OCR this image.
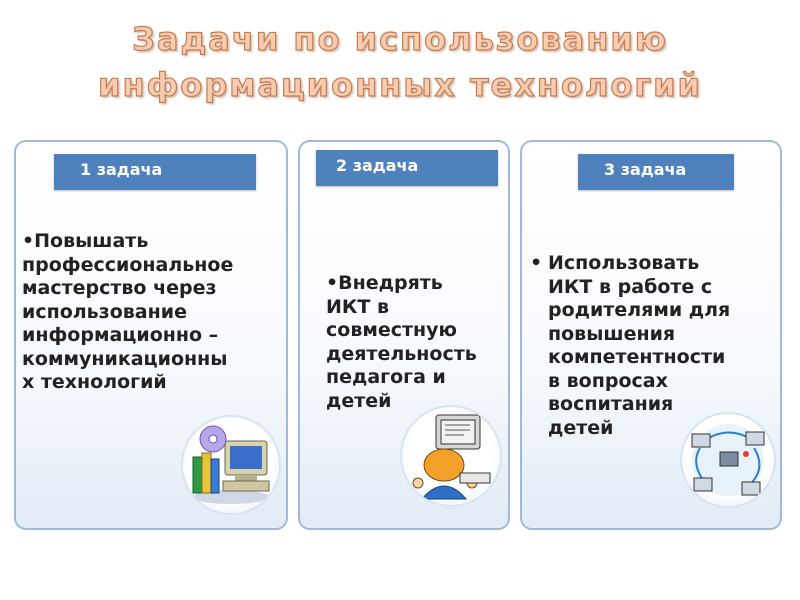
Задачи по использованию
информационных технологий
1 задача	2 задача	3 задача
•Повышать
профессиональное
мастерство через
использование
информационно –
коммуникационны
х технологий
•Внедрять
ИКТ в
совместную
деятельность
педагога и
детей
• Использовать
ИКТ в работе с
родителями для
повышения
компетентности
в вопросах
воспитания
детей
